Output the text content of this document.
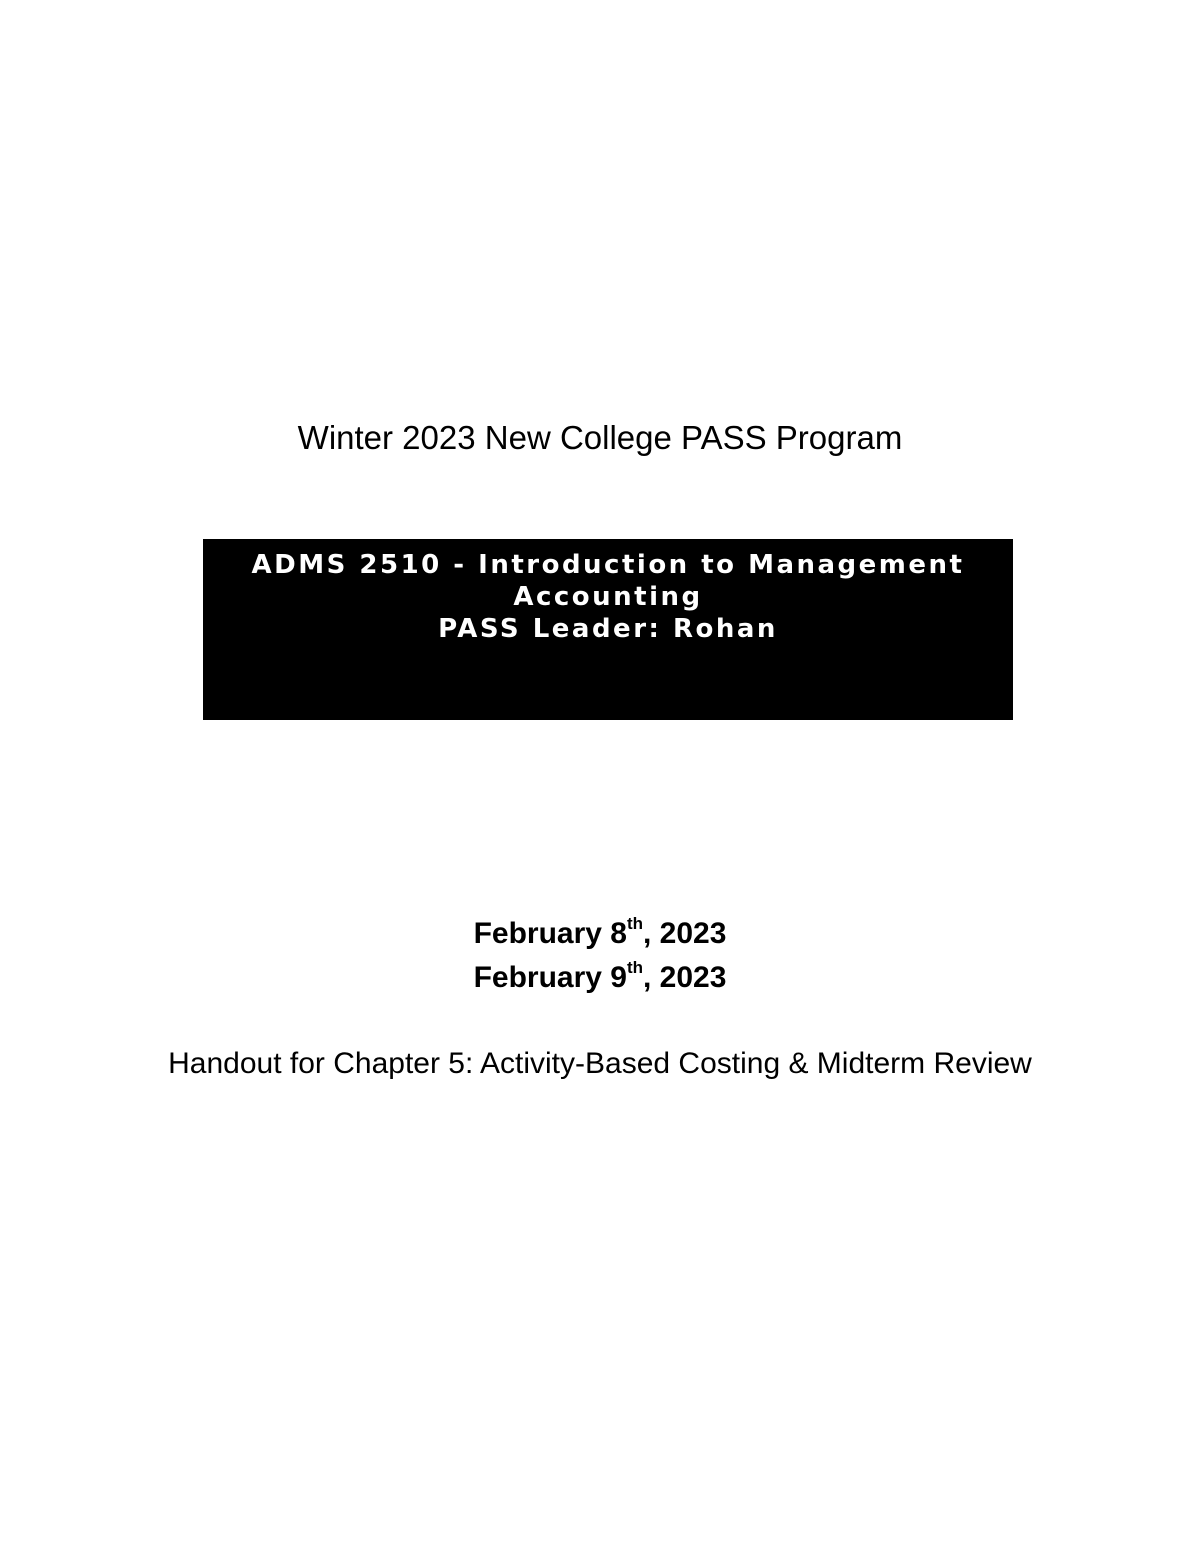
Winter 2023 New College PASS Program
ADMS 2510 - Introduction to Management Accounting
PASS Leader: Rohan
February 8th, 2023
February 9th, 2023
Handout for Chapter 5: Activity-Based Costing & Midterm Review
